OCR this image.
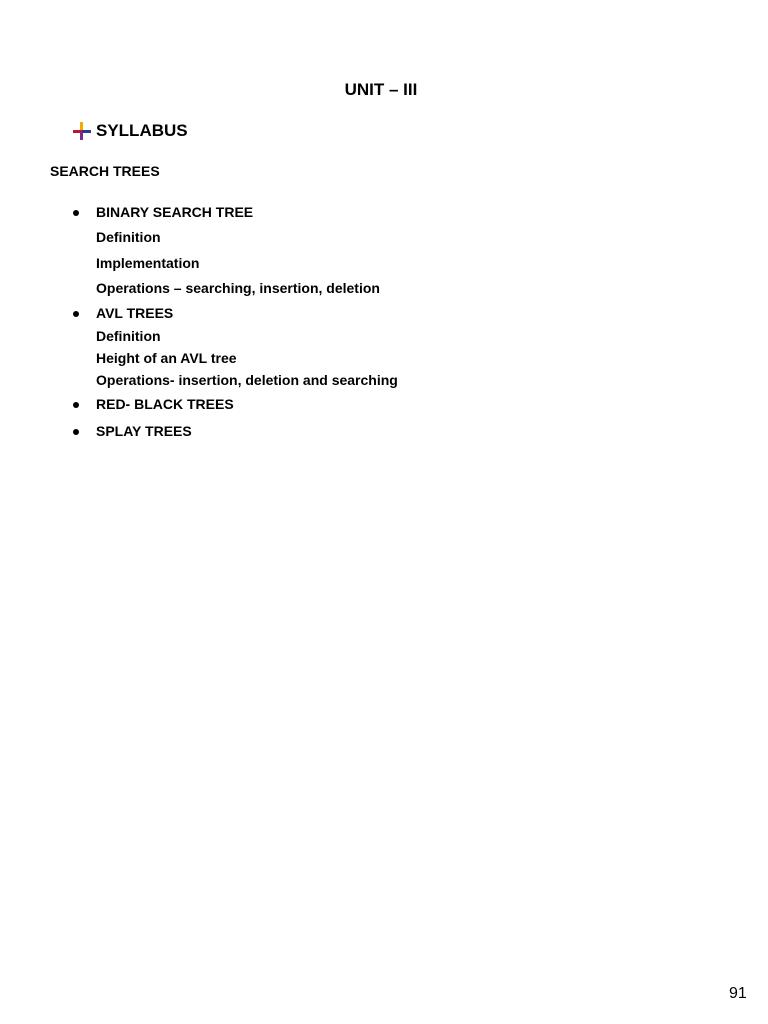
UNIT – III
SYLLABUS
SEARCH TREES
BINARY SEARCH TREE
Definition
Implementation
Operations – searching, insertion, deletion
AVL TREES
Definition
Height of an AVL tree
Operations- insertion, deletion and searching
RED- BLACK TREES
SPLAY TREES
91
